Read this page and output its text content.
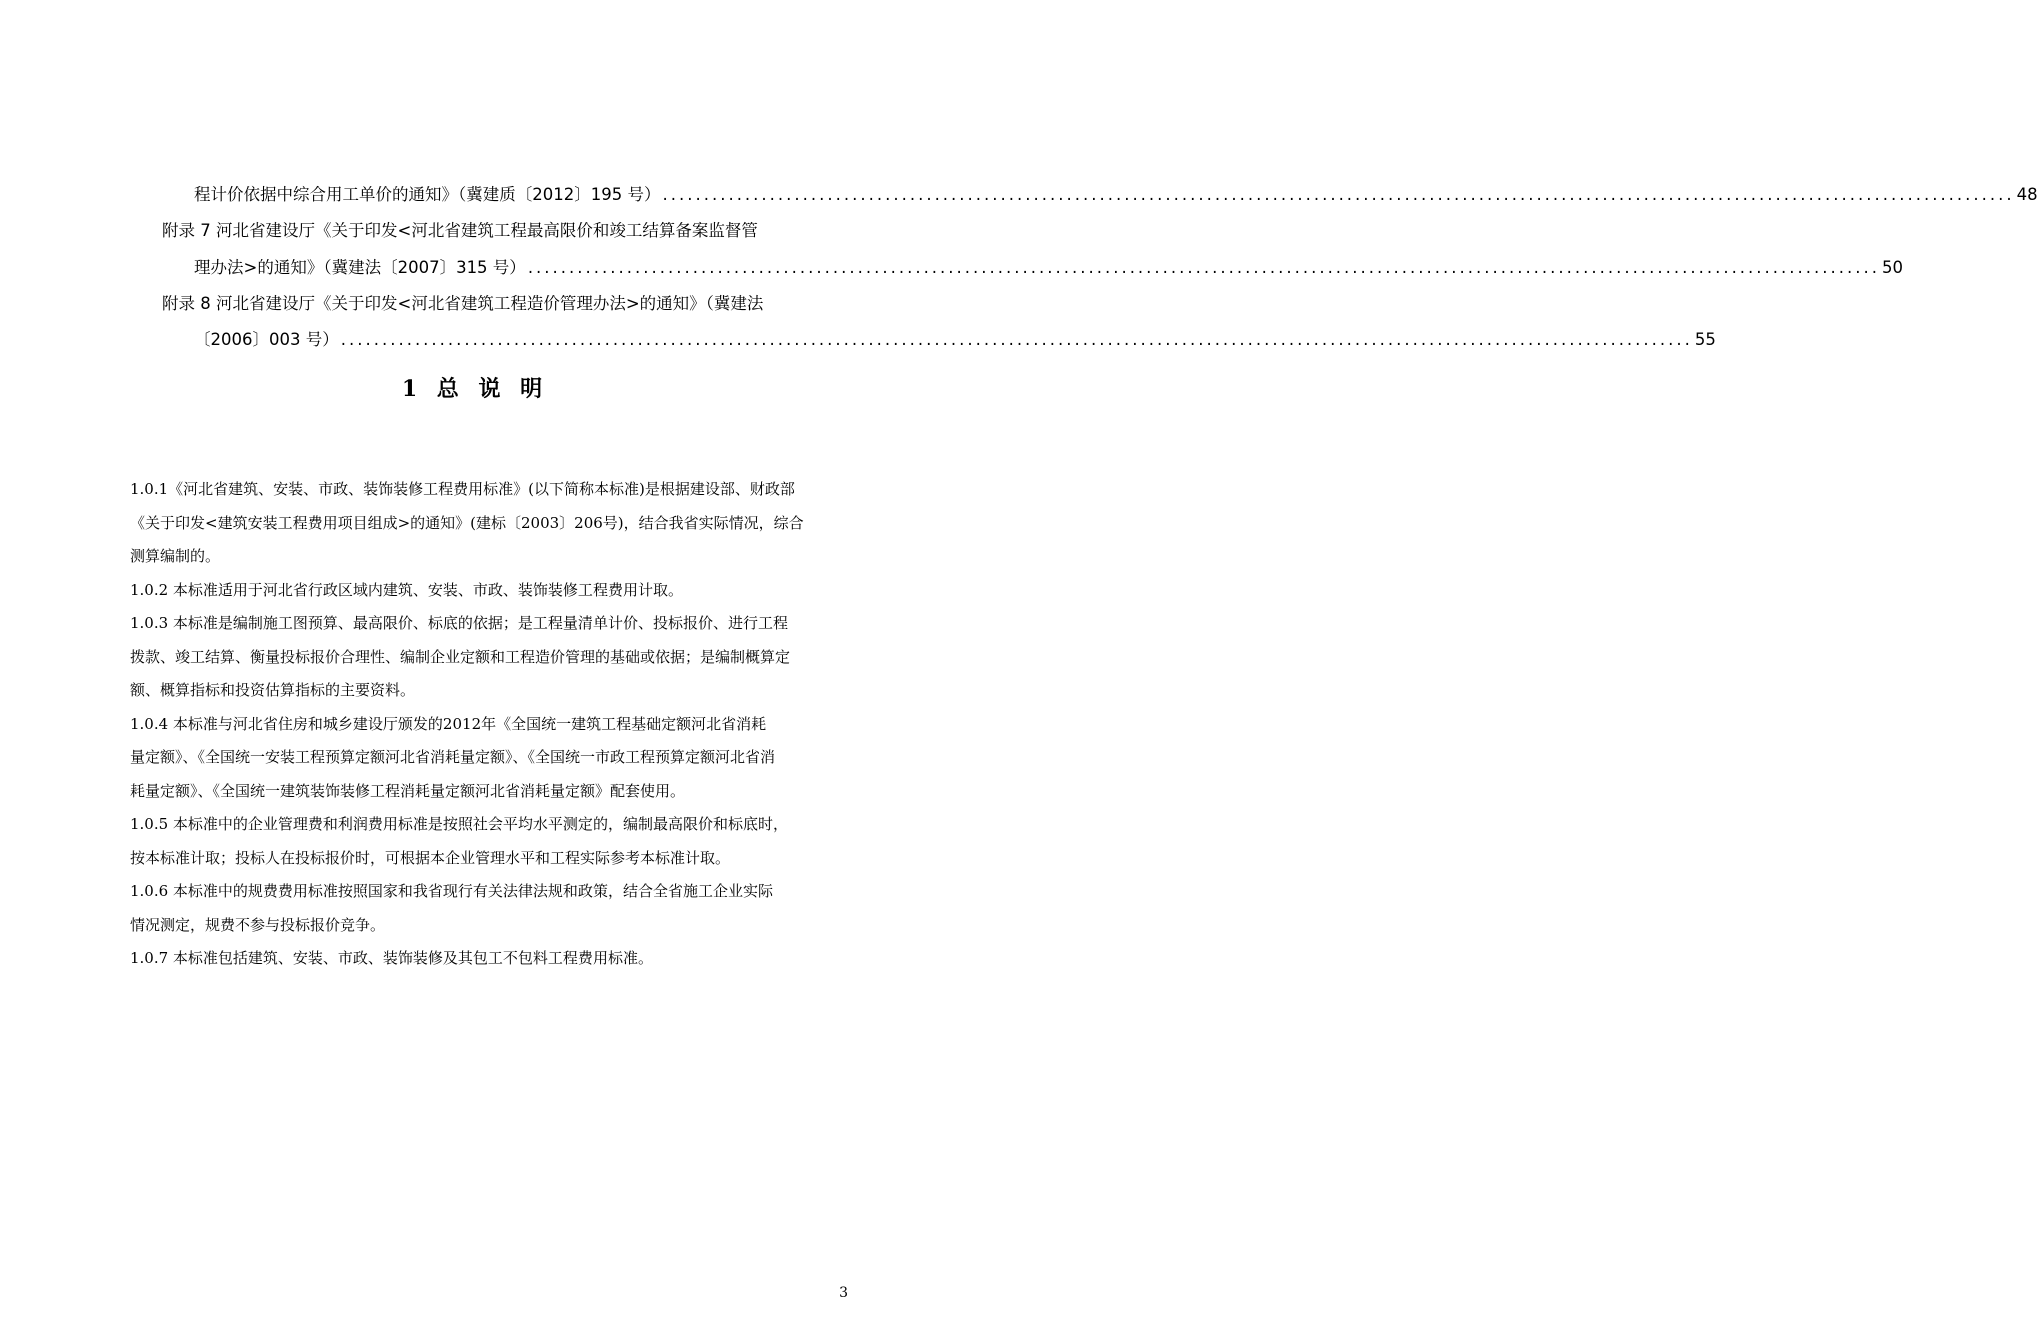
程计价依据中综合用工单价的通知》（冀建质〔2012〕195 号） .................................................................................................................................................................... 48
附录 7 河北省建设厅《关于印发<河北省建筑工程最高限价和竣工结算备案监督管
理办法>的通知》（冀建法〔2007〕315 号） .................................................................................................................................................................... 50
附录 8 河北省建设厅《关于印发<河北省建筑工程造价管理办法>的通知》（冀建法
〔2006〕003 号） .................................................................................................................................................................... 55
1 总 说 明

1.0.1《河北省建筑、安装、市政、装饰装修工程费用标准》(以下简称本标准)是根据建设部、财政部

《关于印发<建筑安装工程费用项目组成>的通知》(建标〔2003〕206号)，结合我省实际情况，综合

测算编制的。

1.0.2 本标准适用于河北省行政区域内建筑、安装、市政、装饰装修工程费用计取。

1.0.3 本标准是编制施工图预算、最高限价、标底的依据；是工程量清单计价、投标报价、进行工程

拨款、竣工结算、衡量投标报价合理性、编制企业定额和工程造价管理的基础或依据；是编制概算定

额、概算指标和投资估算指标的主要资料。

1.0.4 本标准与河北省住房和城乡建设厅颁发的2012年《全国统一建筑工程基础定额河北省消耗

量定额》、《全国统一安装工程预算定额河北省消耗量定额》、《全国统一市政工程预算定额河北省消

耗量定额》、《全国统一建筑装饰装修工程消耗量定额河北省消耗量定额》配套使用。

1.0.5 本标准中的企业管理费和利润费用标准是按照社会平均水平测定的，编制最高限价和标底时，

按本标准计取；投标人在投标报价时，可根据本企业管理水平和工程实际参考本标准计取。

1.0.6 本标准中的规费费用标准按照国家和我省现行有关法律法规和政策，结合全省施工企业实际

情况测定，规费不参与投标报价竞争。

1.0.7 本标准包括建筑、安装、市政、装饰装修及其包工不包料工程费用标准。

3
